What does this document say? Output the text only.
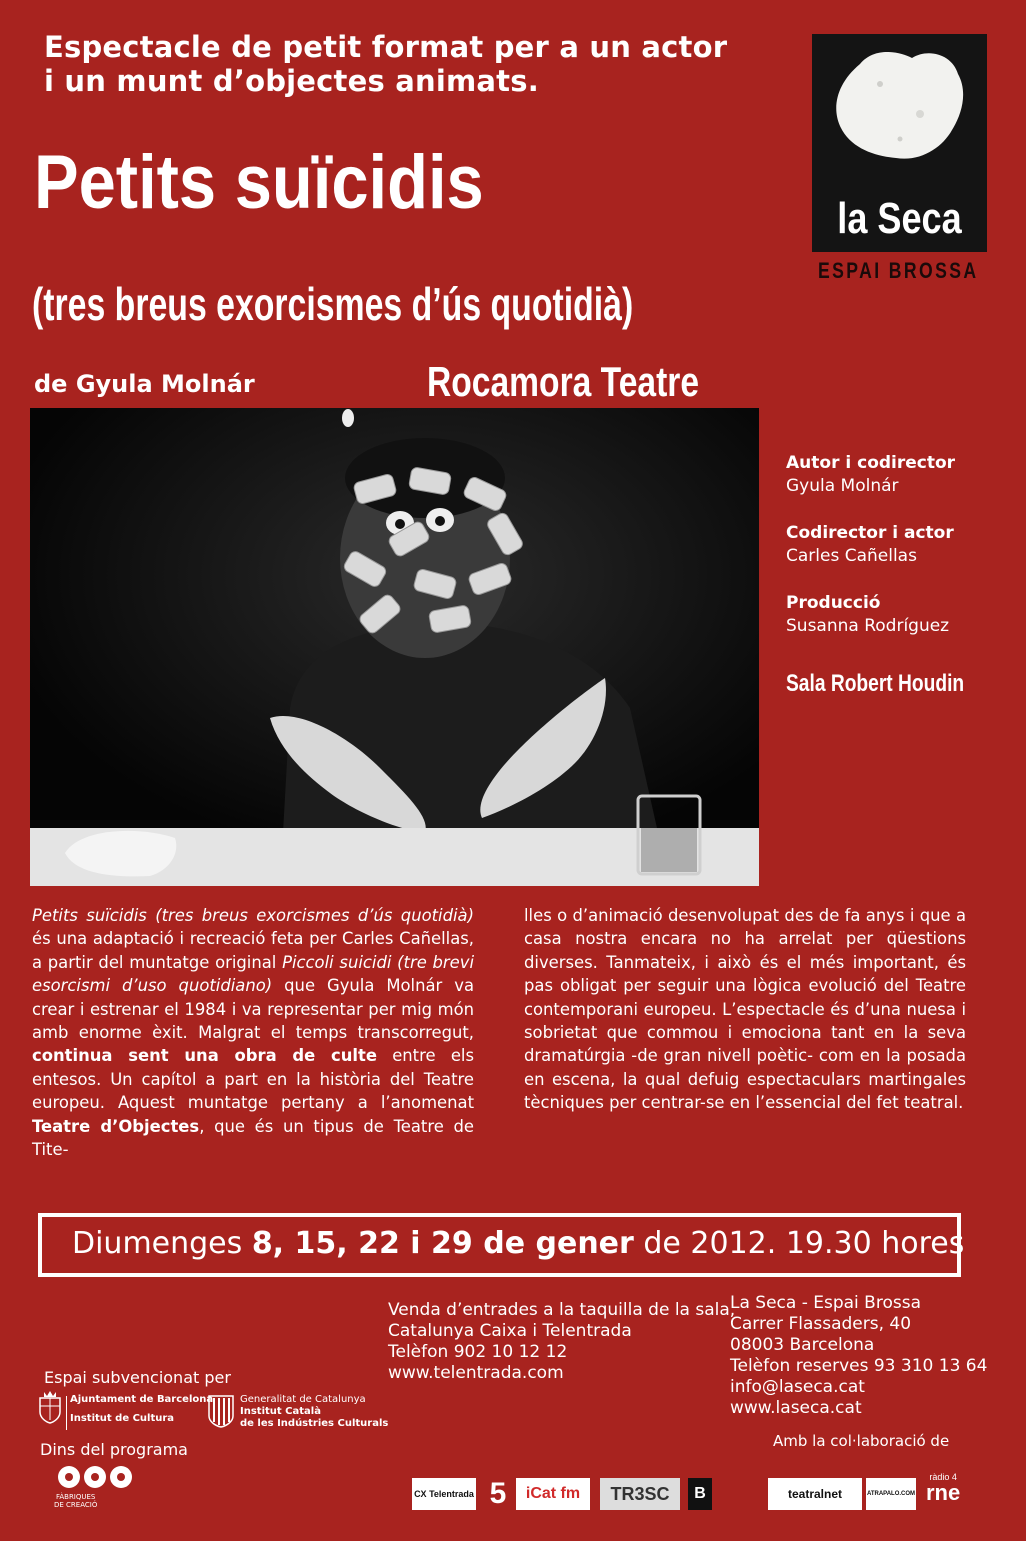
Espectacle de petit format per a un actor
i un munt d’objectes animats.
Petits suïcidis
(tres breus exorcismes d’ús quotidià)
de Gyula Molnár	Rocamora Teatre
la Seca
ESPAI BROSSA
Autor i codirector
Gyula Molnár
Codirector i actor
Carles Cañellas
Producció
Susanna Rodríguez
Sala Robert Houdin
Petits suïcidis (tres breus exorcismes d’ús quotidià) és una adaptació i recreació feta per Carles Cañellas, a partir del muntatge original Piccoli suicidi (tre brevi esorcismi d’uso quotidiano) que Gyula Molnár va crear i estrenar el 1984 i va representar per mig món amb enorme èxit. Malgrat el temps transcorregut, continua sent una obra de culte entre els entesos. Un capítol a part en la història del Teatre europeu. Aquest muntatge pertany a l’anomenat Teatre d’Objectes, que és un tipus de Teatre de Tite-
lles o d’animació desenvolupat des de fa anys i que a casa nostra encara no ha arrelat per qüestions diverses. Tanmateix, i això és el més important, és pas obligat per seguir una lògica evolució del Teatre contemporani europeu. L’espectacle és d’una nuesa i sobrietat que commou i emociona tant en la seva dramatúrgia -de gran nivell poètic- com en la posada en escena, la qual defuig espectaculars martingales tècniques per centrar-se en l’essencial del fet teatral.
Diumenges 8, 15, 22 i 29 de gener de 2012. 19.30 hores
Venda d’entrades a la taquilla de la sala,
Catalunya Caixa i Telentrada
Telèfon 902 10 12 12
www.telentrada.com
La Seca - Espai Brossa
Carrer Flassaders, 40
08003 Barcelona
Telèfon reserves 93 310 13 64
info@laseca.cat
www.laseca.cat
Espai subvencionat per
Ajuntament de Barcelona
Institut de Cultura
Generalitat de Catalunya
Institut Català
de les Indústries Culturals
Dins del programa
FÀBRIQUES
DE CREACIÓ
Amb la col·laboració de
CX Telentrada 5	iCat fm	TR3SC	B	teatralnet	ATRAPALO.COM
ràdio 4
rne
